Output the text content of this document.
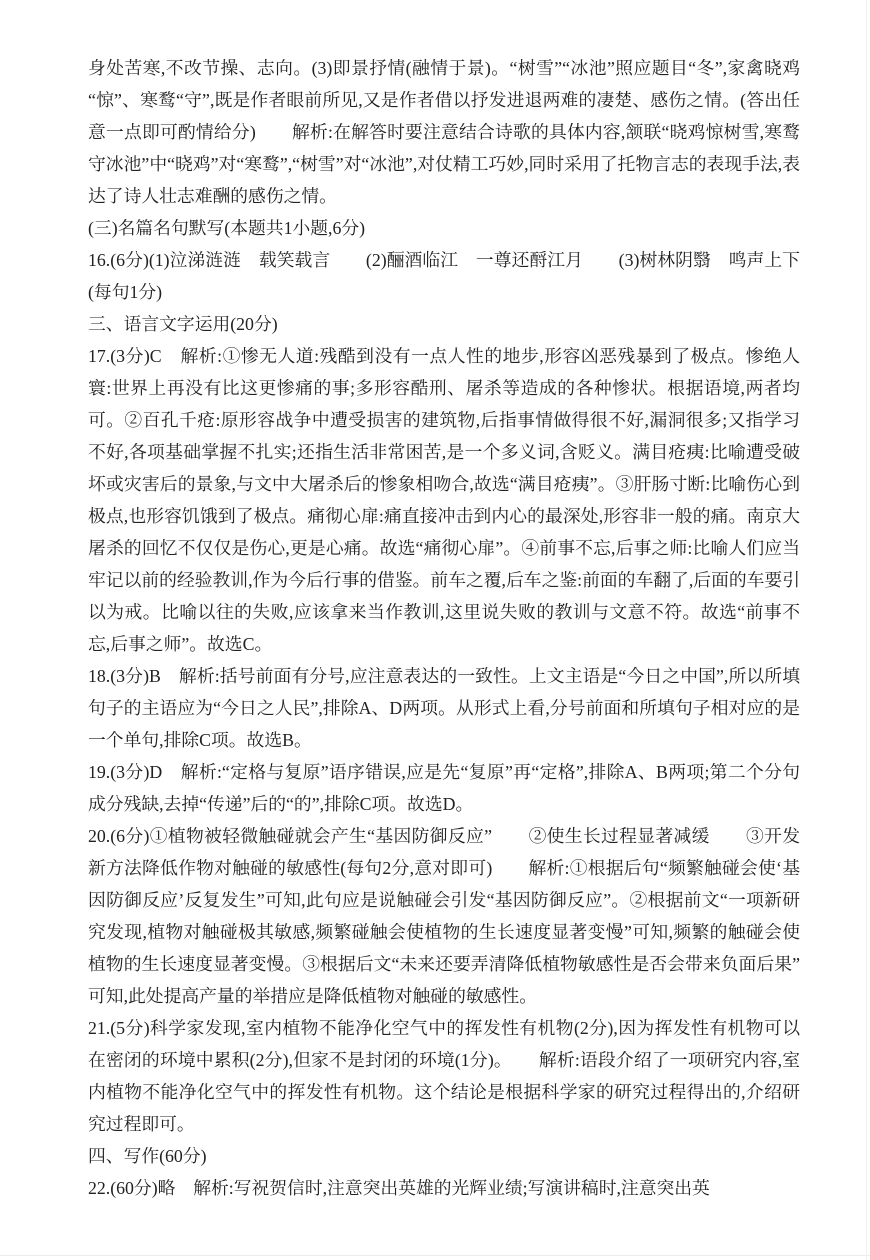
身处苦寒,不改节操、志向。(3)即景抒情(融情于景)。“树雪”“冰池”照应题目“冬”,家禽晓鸡“惊”、寒鹜“守”,既是作者眼前所见,又是作者借以抒发进退两难的凄楚、感伤之情。(答出任意一点即可酌情给分)　　解析:在解答时要注意结合诗歌的具体内容,颔联“晓鸡惊树雪,寒鹜守冰池”中“晓鸡”对“寒鹜”,“树雪”对“冰池”,对仗精工巧妙,同时采用了托物言志的表现手法,表达了诗人壮志难酬的感伤之情。

(三)名篇名句默写(本题共1小题,6分)

16.(6分)(1)泣涕涟涟　载笑载言　　(2)酾酒临江　一尊还酹江月　　(3)树林阴翳　鸣声上下(每句1分)

三、语言文字运用(20分)

17.(3分)C　解析:①惨无人道:残酷到没有一点人性的地步,形容凶恶残暴到了极点。惨绝人寰:世界上再没有比这更惨痛的事;多形容酷刑、屠杀等造成的各种惨状。根据语境,两者均可。②百孔千疮:原形容战争中遭受损害的建筑物,后指事情做得很不好,漏洞很多;又指学习不好,各项基础掌握不扎实;还指生活非常困苦,是一个多义词,含贬义。满目疮痍:比喻遭受破坏或灾害后的景象,与文中大屠杀后的惨象相吻合,故选“满目疮痍”。③肝肠寸断:比喻伤心到极点,也形容饥饿到了极点。痛彻心扉:痛直接冲击到内心的最深处,形容非一般的痛。南京大屠杀的回忆不仅仅是伤心,更是心痛。故选“痛彻心扉”。④前事不忘,后事之师:比喻人们应当牢记以前的经验教训,作为今后行事的借鉴。前车之覆,后车之鉴:前面的车翻了,后面的车要引以为戒。比喻以往的失败,应该拿来当作教训,这里说失败的教训与文意不符。故选“前事不忘,后事之师”。故选C。

18.(3分)B　解析:括号前面有分号,应注意表达的一致性。上文主语是“今日之中国”,所以所填句子的主语应为“今日之人民”,排除A、D两项。从形式上看,分号前面和所填句子相对应的是一个单句,排除C项。故选B。

19.(3分)D　解析:“定格与复原”语序错误,应是先“复原”再“定格”,排除A、B两项;第二个分句成分残缺,去掉“传递”后的“的”,排除C项。故选D。

20.(6分)①植物被轻微触碰就会产生“基因防御反应”　　②使生长过程显著减缓　　③开发新方法降低作物对触碰的敏感性(每句2分,意对即可)　　解析:①根据后句“频繁触碰会使‘基因防御反应’反复发生”可知,此句应是说触碰会引发“基因防御反应”。②根据前文“一项新研究发现,植物对触碰极其敏感,频繁碰触会使植物的生长速度显著变慢”可知,频繁的触碰会使植物的生长速度显著变慢。③根据后文“未来还要弄清降低植物敏感性是否会带来负面后果”可知,此处提高产量的举措应是降低植物对触碰的敏感性。

21.(5分)科学家发现,室内植物不能净化空气中的挥发性有机物(2分),因为挥发性有机物可以在密闭的环境中累积(2分),但家不是封闭的环境(1分)。　　解析:语段介绍了一项研究内容,室内植物不能净化空气中的挥发性有机物。这个结论是根据科学家的研究过程得出的,介绍研究过程即可。

四、写作(60分)

22.(60分)略　解析:写祝贺信时,注意突出英雄的光辉业绩;写演讲稿时,注意突出英
